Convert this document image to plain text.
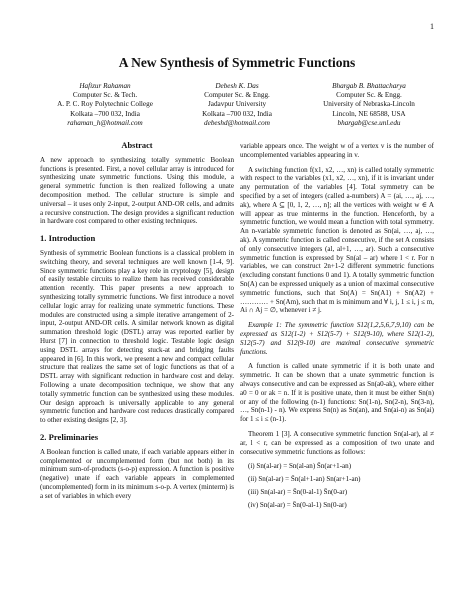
1
A New Synthesis of Symmetric Functions
Hafizur Rahaman
Computer Sc. & Tech.
A. P. C. Roy Polytechnic College
Kolkata –700 032, India
rahaman_h@hotmail.com
Debesh K. Das
Computer Sc. & Engg.
Jadavpur University
Kolkata –700 032, India
debeshd@hotmail.com
Bhargab B. Bhattacharya
Computer Sc. & Engg.
University of Nebraska-Lincoln
Lincoln, NE 68588, USA
bhargab@cse.unl.edu
Abstract

A new approach to synthesizing totally symmetric Boolean functions is presented. First, a novel cellular array is introduced for synthesizing unate symmetric functions. Using this module, a general symmetric function is then realized following a unate decomposition method. The cellular structure is simple and universal – it uses only 2-input, 2-output AND-OR cells, and admits a recursive construction. The design provides a significant reduction in hardware cost compared to other existing techniques.

1. Introduction

Synthesis of symmetric Boolean functions is a classical problem in switching theory, and several techniques are well known [1-4, 9]. Since symmetric functions play a key role in cryptology [5], design of easily testable circuits to realize them has received considerable attention recently. This paper presents a new approach to synthesizing totally symmetric functions. We first introduce a novel cellular logic array for realizing unate symmetric functions. These modules are constructed using a simple iterative arrangement of 2-input, 2-output AND-OR cells. A similar network known as digital summation threshold logic (DSTL) array was reported earlier by Hurst [7] in connection to threshold logic. Testable logic design using DSTL arrays for detecting stuck-at and bridging faults appeared in [6]. In this work, we present a new and compact cellular structure that realizes the same set of logic functions as that of a DSTL array with significant reduction in hardware cost and delay. Following a unate decomposition technique, we show that any totally symmetric function can be synthesized using these modules. Our design approach is universally applicable to any general symmetric function and hardware cost reduces drastically compared to other existing designs [2, 3].

2. Preliminaries

A Boolean function is called unate, if each variable appears either in complemented or uncomplemented form (but not both) in its minimum sum-of-products (s-o-p) expression. A function is positive (negative) unate if each variable appears in complemented (uncomplemented) form in its minimum s-o-p. A vertex (minterm) is a set of variables in which every

variable appears once. The weight w of a vertex v is the number of uncomplemented variables appearing in v.

A switching function f(x1, x2, …, xn) is called totally symmetric with respect to the variables (x1, x2, …, xn), if it is invariant under any permutation of the variables [4]. Total symmetry can be specified by a set of integers (called a-numbers) A = (ai, …, aj, …, ak), where A ⊆ [0, 1, 2, …, n]; all the vertices with weight w ∈ A will appear as true minterms in the function. Henceforth, by a symmetric function, we would mean a function with total symmetry. An n-variable symmetric function is denoted as Sn(ai, …, aj, …, ak). A symmetric function is called consecutive, if the set A consists of only consecutive integers (al, al+1, …, ar). Such a consecutive symmetric function is expressed by Sn(al – ar) where l < r. For n variables, we can construct 2n+1-2 different symmetric functions (excluding constant functions 0 and 1). A totally symmetric function Sn(A) can be expressed uniquely as a union of maximal consecutive symmetric functions, such that Sn(A) = Sn(A1) + Sn(A2) + ………… + Sn(Am), such that m is minimum and ∀ i, j, 1 ≤ i, j ≤ m, Ai ∩ Aj = ∅, whenever i ≠ j.

Example 1: The symmetric function S12(1,2,5,6,7,9,10) can be expressed as S12(1-2) + S12(5-7) + S12(9-10), where S12(1-2), S12(5-7) and S12(9-10) are maximal consecutive symmetric functions.

A function is called unate symmetric if it is both unate and symmetric. It can be shown that a unate symmetric function is always consecutive and can be expressed as Sn(a0-ak), where either a0 = 0 or ak = n. If it is positive unate, then it must be either Sn(n) or any of the following (n-1) functions: Sn(1-n), Sn(2-n), Sn(3-n), …, Sn(n-1) - n). We express Sn(n) as Sn(an), and Sn(ai-n) as Sn(ai) for 1 ≤ i ≤ (n-1).

Theorem 1 [3]. A consecutive symmetric function Sn(al-ar), al ≠ ar, l < r, can be expressed as a composition of two unate and consecutive symmetric functions as follows:

(i) Sn(al-ar) = Sn(al-an) S̄n(ar+1-an)
(ii) Sn(al-ar) = S̄n(al+1-an) Sn(ar+1-an)
(iii) Sn(al-ar) = S̄n(0-al-1) S̄n(0-ar)
(iv) Sn(al-ar) = S̄n(0-al-1) Sn(0-ar)
